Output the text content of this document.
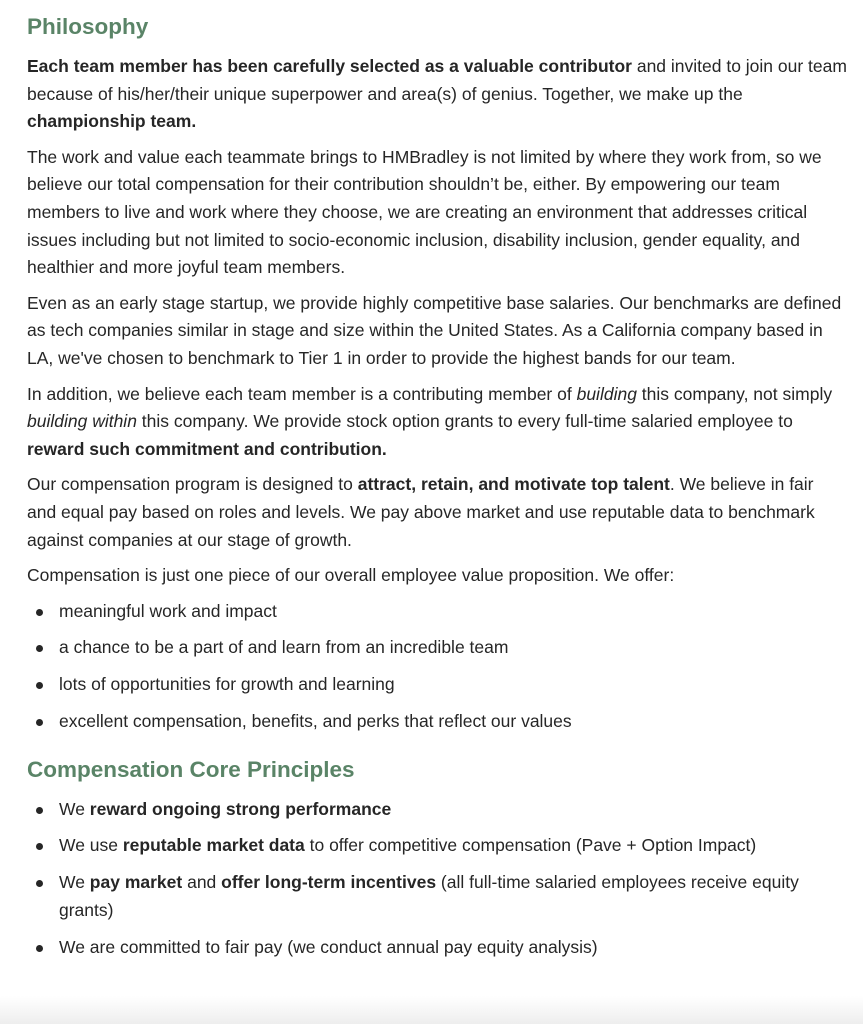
Philosophy

Each team member has been carefully selected as a valuable contributor and invited to join our team because of his/her/their unique superpower and area(s) of genius. Together, we make up the championship team.

The work and value each teammate brings to HMBradley is not limited by where they work from, so we believe our total compensation for their contribution shouldn’t be, either. By empowering our team members to live and work where they choose, we are creating an environment that addresses critical issues including but not limited to socio-economic inclusion, disability inclusion, gender equality, and healthier and more joyful team members.

Even as an early stage startup, we provide highly competitive base salaries. Our benchmarks are defined as tech companies similar in stage and size within the United States. As a California company based in LA, we've chosen to benchmark to Tier 1 in order to provide the highest bands for our team.

In addition, we believe each team member is a contributing member of building this company, not simply building within this company. We provide stock option grants to every full-time salaried employee to reward such commitment and contribution.

Our compensation program is designed to attract, retain, and motivate top talent. We believe in fair and equal pay based on roles and levels. We pay above market and use reputable data to benchmark against companies at our stage of growth.

Compensation is just one piece of our overall employee value proposition. We offer:

meaningful work and impact
a chance to be a part of and learn from an incredible team
lots of opportunities for growth and learning
excellent compensation, benefits, and perks that reflect our values
Compensation Core Principles
We reward ongoing strong performance
We use reputable market data to offer competitive compensation (Pave + Option Impact)
We pay market and offer long-term incentives (all full-time salaried employees receive equity grants)
We are committed to fair pay (we conduct annual pay equity analysis)
